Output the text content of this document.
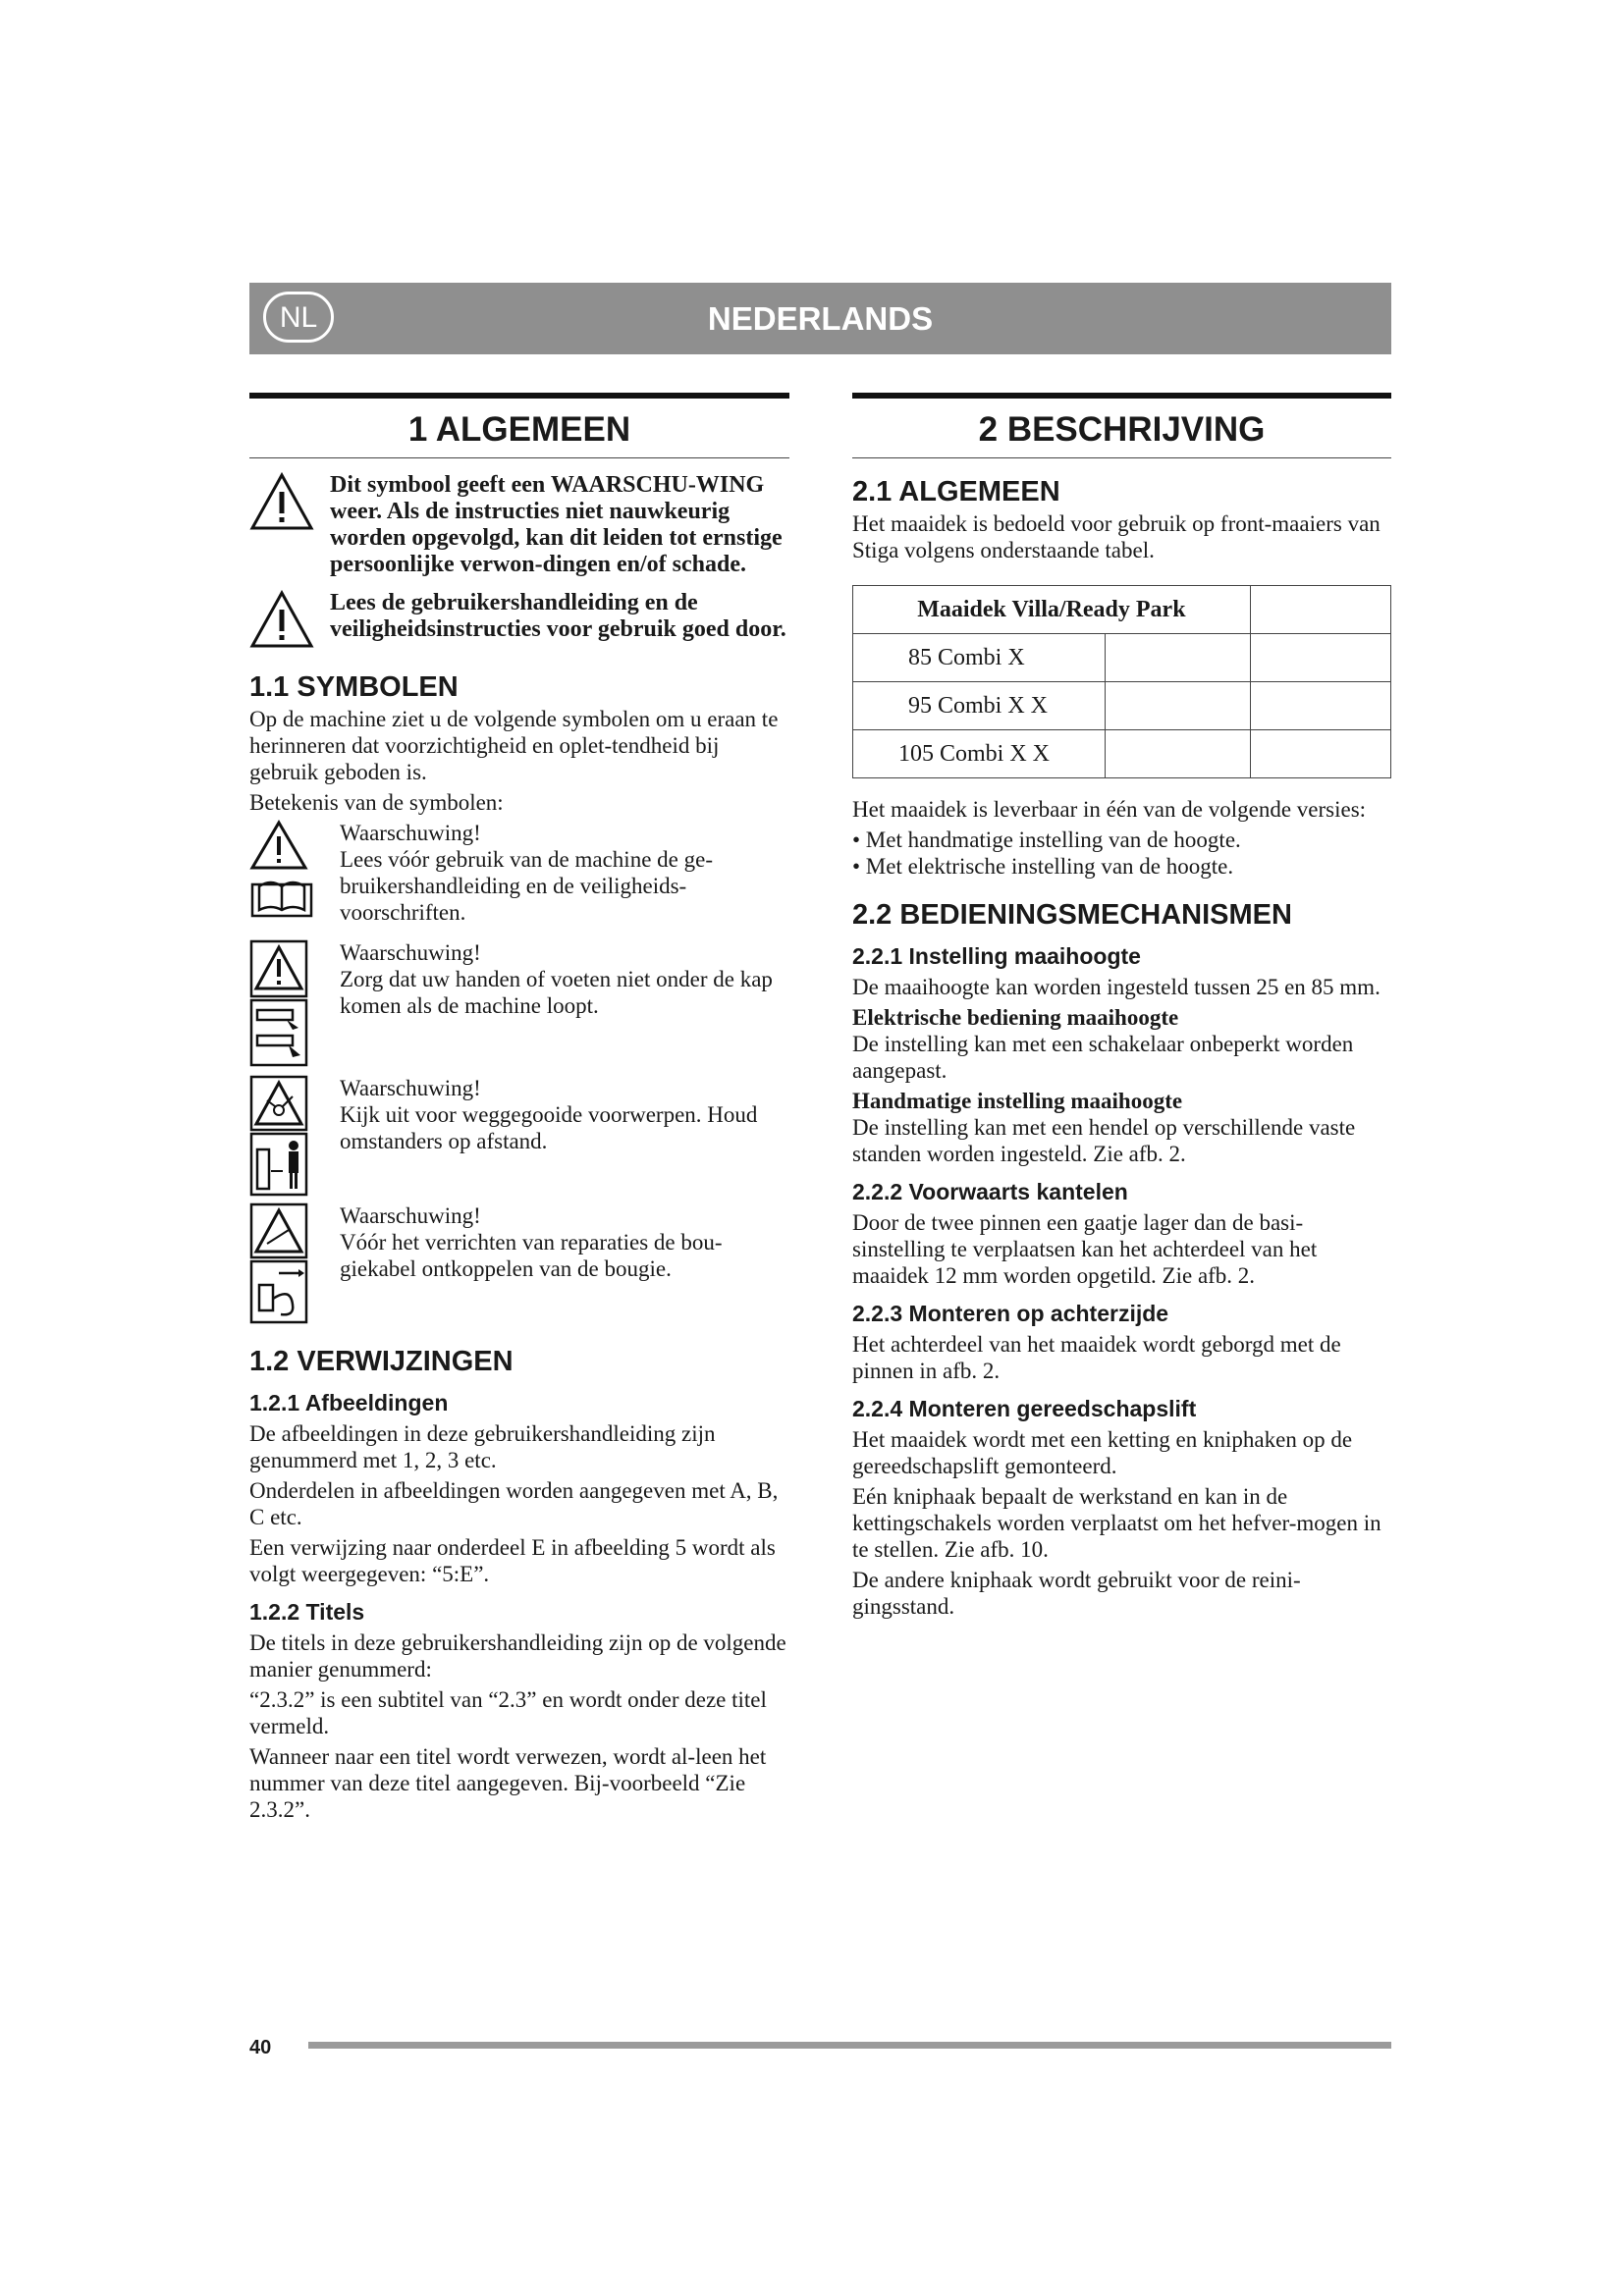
NL	NEDERLANDS
1 ALGEMEEN
Dit symbool geeft een WAARSCHU-WING weer. Als de instructies niet nauwkeurig worden opgevolgd, kan dit leiden tot ernstige persoonlijke verwon-dingen en/of schade.
Lees de gebruikershandleiding en de veiligheidsinstructies voor gebruik goed door.
1.1 SYMBOLEN

Op de machine ziet u de volgende symbolen om u eraan te herinneren dat voorzichtigheid en oplet-tendheid bij gebruik geboden is.

Betekenis van de symbolen:

Waarschuwing!

Lees vóór gebruik van de machine de ge-bruikershandleiding en de veiligheids-voorschriften.

Waarschuwing!

Zorg dat uw handen of voeten niet onder de kap komen als de machine loopt.

Waarschuwing!

Kijk uit voor weggegooide voorwerpen. Houd omstanders op afstand.

Waarschuwing!

Vóór het verrichten van reparaties de bou-giekabel ontkoppelen van de bougie.

1.2 VERWIJZINGEN
1.2.1 Afbeeldingen

De afbeeldingen in deze gebruikershandleiding zijn genummerd met 1, 2, 3 etc.

Onderdelen in afbeeldingen worden aangegeven met A, B, C etc.

Een verwijzing naar onderdeel E in afbeelding 5 wordt als volgt weergegeven: “5:E”.

1.2.2 Titels

De titels in deze gebruikershandleiding zijn op de volgende manier genummerd:

“2.3.2” is een subtitel van “2.3” en wordt onder deze titel vermeld.

Wanneer naar een titel wordt verwezen, wordt al-leen het nummer van deze titel aangegeven. Bij-voorbeeld “Zie 2.3.2”.

2 BESCHRIJVING
2.1 ALGEMEEN

Het maaidek is bedoeld voor gebruik op front-maaiers van Stiga volgens onderstaande tabel.

Maaidek Villa/Ready Park		
85 Combi X		
95 Combi X X		
105 Combi X X		

Het maaidek is leverbaar in één van de volgende versies:

• Met handmatige instelling van de hoogte.

• Met elektrische instelling van de hoogte.

2.2 BEDIENINGSMECHANISMEN
2.2.1 Instelling maaihoogte

De maaihoogte kan worden ingesteld tussen 25 en 85 mm.

Elektrische bediening maaihoogte

De instelling kan met een schakelaar onbeperkt worden aangepast.

Handmatige instelling maaihoogte

De instelling kan met een hendel op verschillende vaste standen worden ingesteld. Zie afb. 2.

2.2.2 Voorwaarts kantelen

Door de twee pinnen een gaatje lager dan de basi-sinstelling te verplaatsen kan het achterdeel van het maaidek 12 mm worden opgetild. Zie afb. 2.

2.2.3 Monteren op achterzijde

Het achterdeel van het maaidek wordt geborgd met de pinnen in afb. 2.

2.2.4 Monteren gereedschapslift

Het maaidek wordt met een ketting en kniphaken op de gereedschapslift gemonteerd.

Eén kniphaak bepaalt de werkstand en kan in de kettingschakels worden verplaatst om het hefver-mogen in te stellen. Zie afb. 10.

De andere kniphaak wordt gebruikt voor de reini-gingsstand.

40
